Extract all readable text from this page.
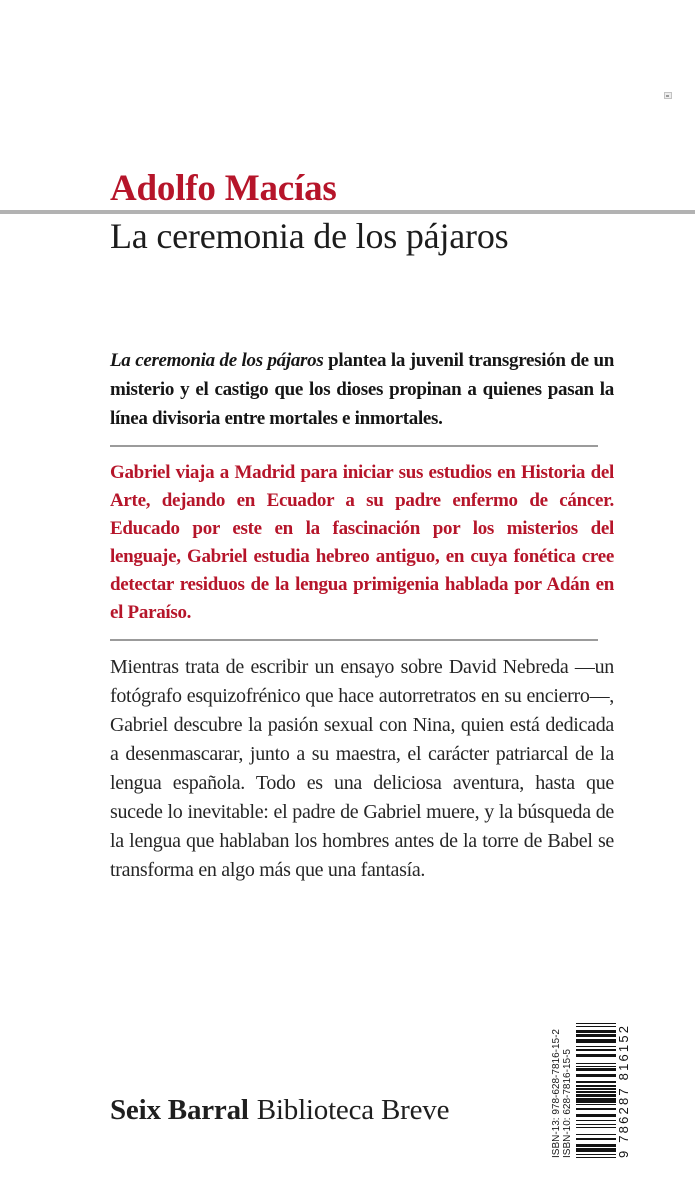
Adolfo Macías
La ceremonia de los pájaros

La ceremonia de los pájaros plantea la juvenil transgresión de un misterio y el castigo que los dioses propinan a quienes pasan la línea divisoria entre mortales e inmortales.

Gabriel viaja a Madrid para iniciar sus estudios en Historia del Arte, dejando en Ecuador a su padre enfermo de cáncer. Educado por este en la fascinación por los misterios del lenguaje, Gabriel estudia hebreo antiguo, en cuya fonética cree detectar residuos de la lengua primigenia hablada por Adán en el Paraíso.

Mientras trata de escribir un ensayo sobre David Nebreda —un fotógrafo esquizofrénico que hace autorretratos en su encierro—, Gabriel descubre la pasión sexual con Nina, quien está dedicada a desenmascarar, junto a su maestra, el carácter patriarcal de la lengua española. Todo es una deliciosa aventura, hasta que sucede lo inevitable: el padre de Gabriel muere, y la búsqueda de la lengua que hablaban los hombres antes de la torre de Babel se transforma en algo más que una fantasía.

Seix Barral Biblioteca Breve	ISBN-13: 978-628-7816-15-2 ISBN-10: 628-7816-15-5	9 786287 816152
